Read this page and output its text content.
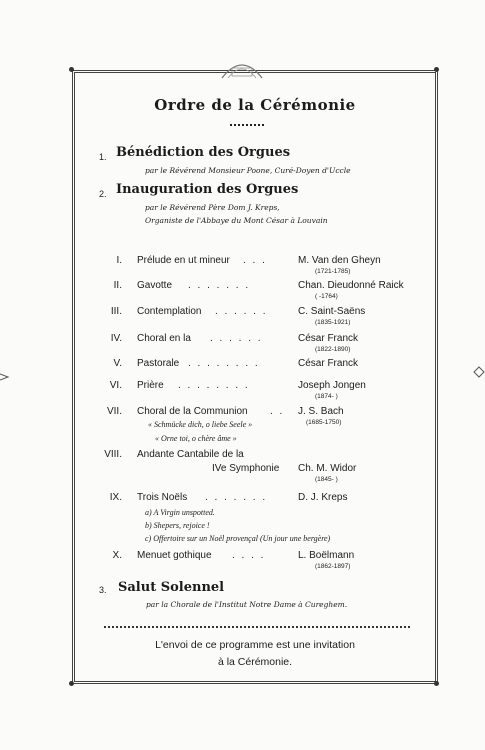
Ordre de la Cérémonie
1. Bénédiction des Orgues
par le Révérend Monsieur Poone, Curé-Doyen d'Uccle
2. Inauguration des Orgues
par le Révérend Père Dom J. Kreps,
Organiste de l'Abbaye du Mont César à Louvain
I. Prélude en ut mineur . . .	M. Van den Gheyn
(1721-1785)
II. Gavotte . . . . . . .	Chan. Dieudonné Raick
( -1764)
III. Contemplation . . . . . .	C. Saint-Saëns
(1835-1921)
IV. Choral en la . . . . . .	César Franck
(1822-1890)
V. Pastorale . . . . . . . .	César Franck
VI. Prière . . . . . . . .	Joseph Jongen
(1874- )
VII. Choral de la Communion . . J. S. Bach
(1685-1750)
« Schmücke dich, o liebe Seele »
« Orne toi, o chère âme »
VIII. Andante Cantabile de la
IVe Symphonie Ch. M. Widor
(1845- )
IX. Trois Noëls . . . . . . .	D. J. Kreps
a) A Virgin unspotted.
b) Shepers, rejoice !
c) Offertoire sur un Noël provençal (Un jour une bergère)
X. Menuet gothique . . . .	L. Boëlmann
(1862-1897)
3. Salut Solennel
par la Chorale de l'Institut Notre Dame à Cureghem.
L'envoi de ce programme est une invitation
à la Cérémonie.
